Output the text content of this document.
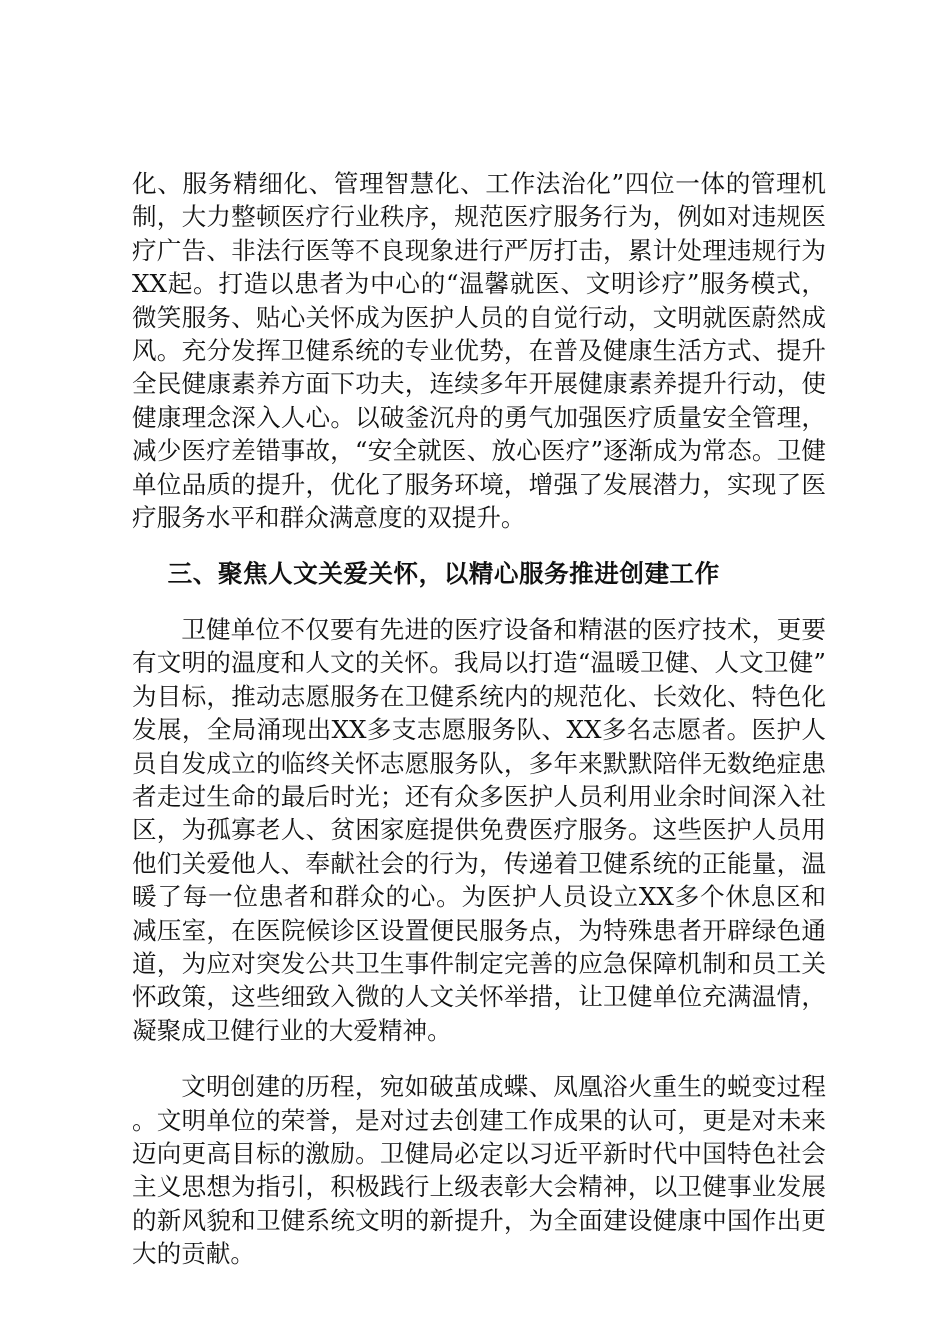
化、服务精细化、管理智慧化、工作法治化”四位一体的管理机制，大力整顿医疗行业秩序，规范医疗服务行为，例如对违规医疗广告、非法行医等不良现象进行严厉打击，累计处理违规行为XX起。打造以患者为中心的“温馨就医、文明诊疗”服务模式，微笑服务、贴心关怀成为医护人员的自觉行动，文明就医蔚然成风。充分发挥卫健系统的专业优势，在普及健康生活方式、提升全民健康素养方面下功夫，连续多年开展健康素养提升行动，使健康理念深入人心。以破釜沉舟的勇气加强医疗质量安全管理，减少医疗差错事故，“安全就医、放心医疗”逐渐成为常态。卫健单位品质的提升，优化了服务环境，增强了发展潜力，实现了医疗服务水平和群众满意度的双提升。

三、聚焦人文关爱关怀，以精心服务推进创建工作

卫健单位不仅要有先进的医疗设备和精湛的医疗技术，更要有文明的温度和人文的关怀。我局以打造“温暖卫健、人文卫健”为目标，推动志愿服务在卫健系统内的规范化、长效化、特色化发展，全局涌现出XX多支志愿服务队、XX多名志愿者。医护人员自发成立的临终关怀志愿服务队，多年来默默陪伴无数绝症患者走过生命的最后时光；还有众多医护人员利用业余时间深入社区，为孤寡老人、贫困家庭提供免费医疗服务。这些医护人员用他们关爱他人、奉献社会的行为，传递着卫健系统的正能量，温暖了每一位患者和群众的心。为医护人员设立XX多个休息区和减压室，在医院候诊区设置便民服务点，为特殊患者开辟绿色通道，为应对突发公共卫生事件制定完善的应急保障机制和员工关怀政策，这些细致入微的人文关怀举措，让卫健单位充满温情，凝聚成卫健行业的大爱精神。

文明创建的历程，宛如破茧成蝶、凤凰浴火重生的蜕变过程。文明单位的荣誉，是对过去创建工作成果的认可，更是对未来迈向更高目标的激励。卫健局必定以习近平新时代中国特色社会主义思想为指引，积极践行上级表彰大会精神，以卫健事业发展的新风貌和卫健系统文明的新提升，为全面建设健康中国作出更大的贡献。
